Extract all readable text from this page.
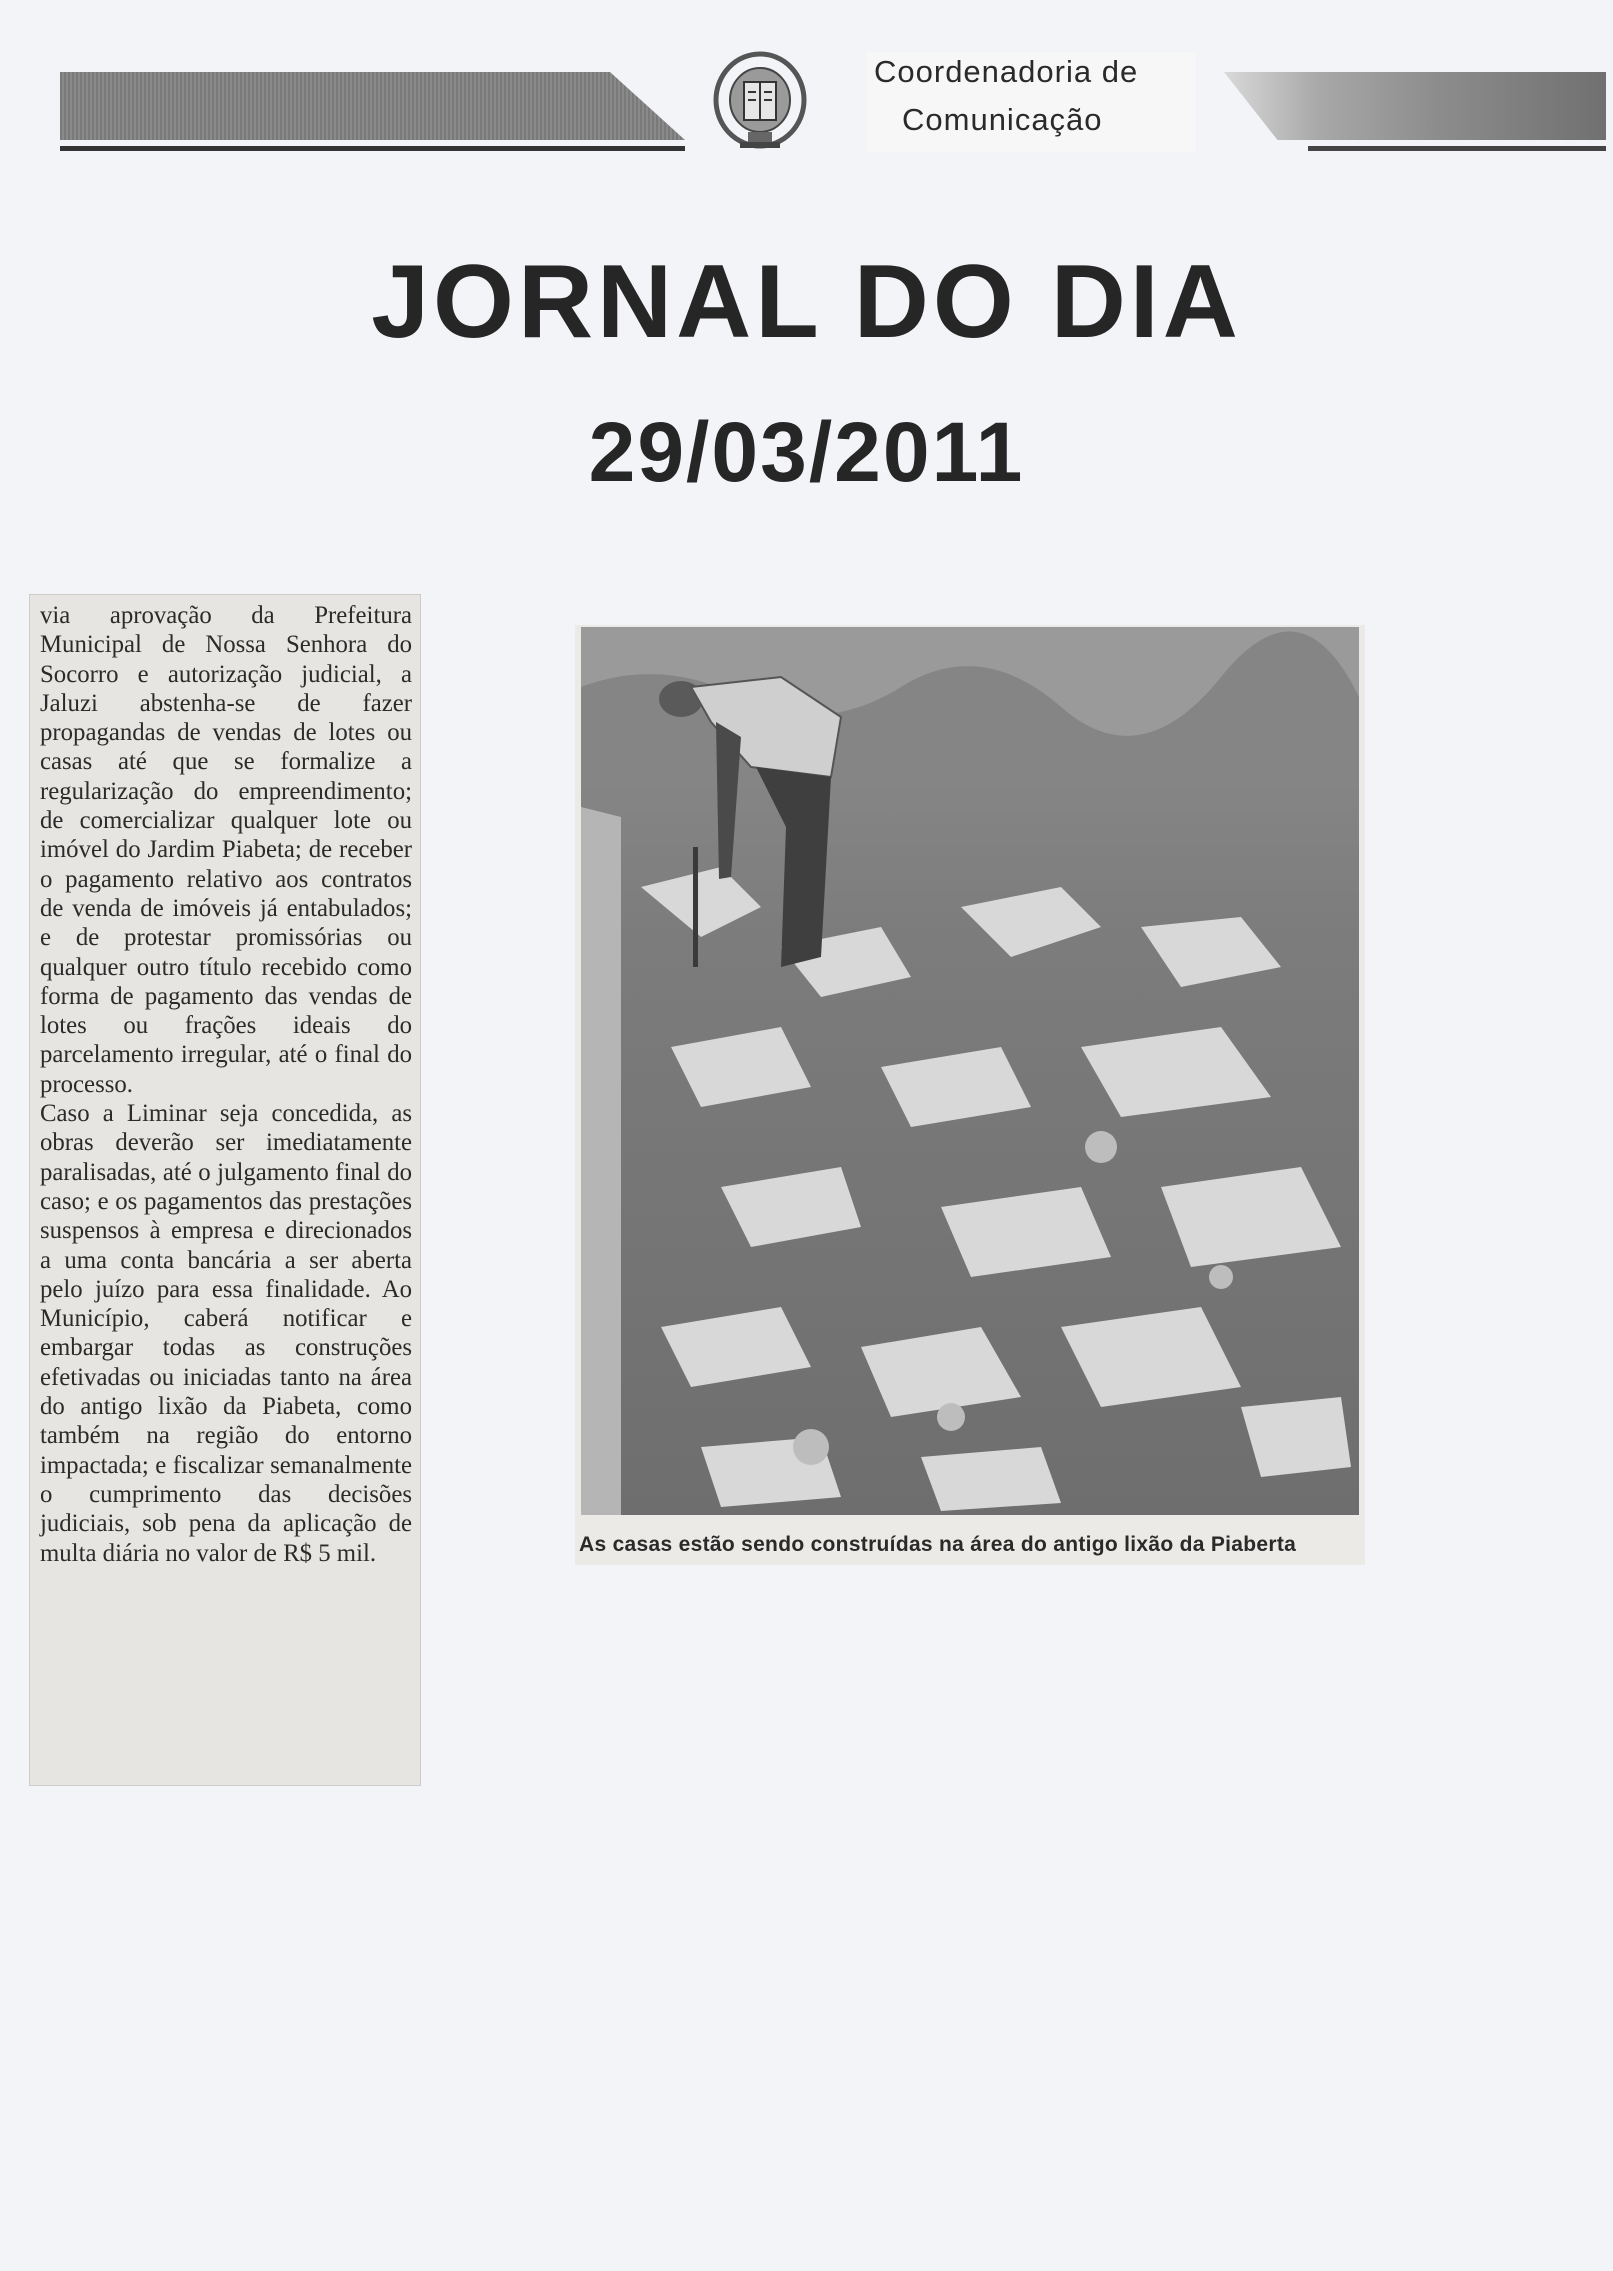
Coordenadoria de
Comunicação
JORNAL DO DIA
29/03/2011
via aprovação da Prefeitura Municipal de Nossa Senhora do Socorro e autorização judicial, a Jaluzi abstenha-se de fazer propagandas de vendas de lotes ou casas até que se formalize a regularização do empreendimento; de comercializar qualquer lote ou imóvel do Jardim Piabeta; de receber o pagamento relativo aos contratos de venda de imóveis já entabulados; e de protestar promissórias ou qualquer outro título recebido como forma de pagamento das vendas de lotes ou frações ideais do parcelamento irregular, até o final do processo.
Caso a Liminar seja concedida, as obras deverão ser imediatamente paralisadas, até o julgamento final do caso; e os pagamentos das prestações suspensos à empresa e direcionados a uma conta bancária a ser aberta pelo juízo para essa finalidade. Ao Município, caberá notificar e embargar todas as construções efetivadas ou iniciadas tanto na área do antigo lixão da Piabeta, como também na região do entorno impactada; e fiscalizar semanalmente o cumprimento das decisões judiciais, sob pena da aplicação de multa diária no valor de R$ 5 mil.	As casas estão sendo construídas na área do antigo lixão da Piaberta
